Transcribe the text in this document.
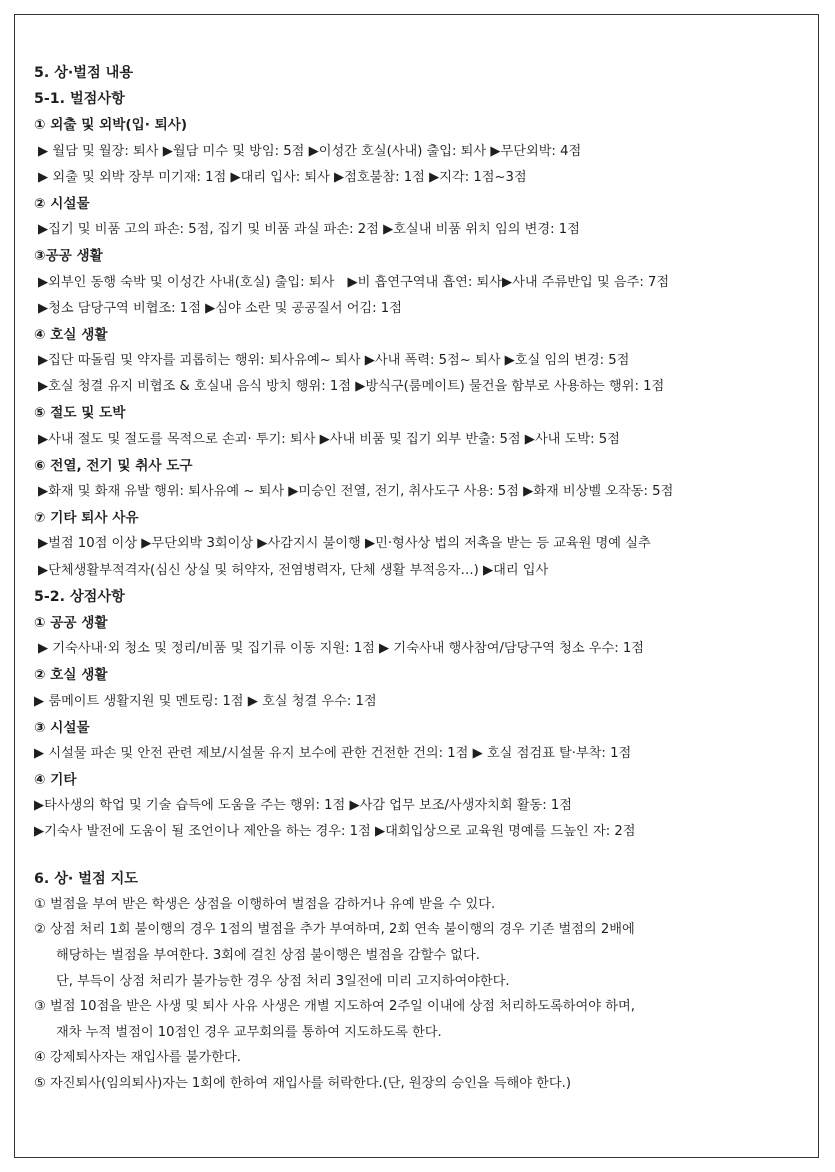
5. 상·벌점 내용
5-1. 벌점사항
① 외출 및 외박(입· 퇴사)
▶ 월담 및 월장: 퇴사 ▶월담 미수 및 방임: 5점 ▶이성간 호실(사내) 출입: 퇴사 ▶무단외박: 4점
▶ 외출 및 외박 장부 미기재: 1점 ▶대리 입사: 퇴사 ▶점호불참: 1점 ▶지각: 1점~3점
② 시설물
▶집기 및 비품 고의 파손: 5점, 집기 및 비품 과실 파손: 2점 ▶호실내 비품 위치 임의 변경: 1점
③공공 생활
▶외부인 동행 숙박 및 이성간 사내(호실) 출입: 퇴사　▶비 흡연구역내 흡연: 퇴사▶사내 주류반입 및 음주: 7점
▶청소 담당구역 비협조: 1점 ▶심야 소란 및 공공질서 어김: 1점
④ 호실 생활
▶집단 따돌림 및 약자를 괴롭히는 행위: 퇴사유예~ 퇴사 ▶사내 폭력: 5점~ 퇴사 ▶호실 임의 변경: 5점
▶호실 청결 유지 비협조 & 호실내 음식 방치 행위: 1점 ▶방식구(룸메이트) 물건을 함부로 사용하는 행위: 1점
⑤ 절도 및 도박
▶사내 절도 및 절도를 목적으로 손괴· 투기: 퇴사 ▶사내 비품 및 집기 외부 반출: 5점 ▶사내 도박: 5점
⑥ 전열, 전기 및 취사 도구
▶화재 및 화재 유발 행위: 퇴사유예 ~ 퇴사 ▶미승인 전열, 전기, 취사도구 사용: 5점 ▶화재 비상벨 오작동: 5점
⑦ 기타 퇴사 사유
▶벌점 10점 이상 ▶무단외박 3회이상 ▶사감지시 불이행 ▶민·형사상 법의 저촉을 받는 등 교육원 명예 실추
▶단체생활부적격자(심신 상실 및 허약자, 전염병력자, 단체 생활 부적응자…) ▶대리 입사
5-2. 상점사항
① 공공 생활
▶ 기숙사내·외 청소 및 정리/비품 및 집기류 이동 지원: 1점 ▶ 기숙사내 행사참여/담당구역 청소 우수: 1점
② 호실 생활
▶ 룸메이트 생활지원 및 멘토링: 1점 ▶ 호실 청결 우수: 1점
③ 시설물
▶ 시설물 파손 및 안전 관련 제보/시설물 유지 보수에 관한 건전한 건의: 1점 ▶ 호실 점검표 탈·부착: 1점
④ 기타
▶타사생의 학업 및 기술 습득에 도움을 주는 행위: 1점 ▶사감 업무 보조/사생자치회 활동: 1점
▶기숙사 발전에 도움이 될 조언이나 제안을 하는 경우: 1점 ▶대회입상으로 교육원 명예를 드높인 자: 2점
6. 상· 벌점 지도
① 벌점을 부여 받은 학생은 상점을 이행하여 벌점을 감하거나 유예 받을 수 있다.
② 상점 처리 1회 불이행의 경우 1점의 벌점을 추가 부여하며, 2회 연속 불이행의 경우 기존 벌점의 2배에
해당하는 벌점을 부여한다. 3회에 걸친 상점 불이행은 벌점을 감할수 없다.
단, 부득이 상점 처리가 불가능한 경우 상점 처리 3일전에 미리 고지하여야한다.
③ 벌점 10점을 받은 사생 및 퇴사 사유 사생은 개별 지도하여 2주일 이내에 상점 처리하도록하여야 하며,
재차 누적 벌점이 10점인 경우 교무회의를 통하여 지도하도록 한다.
④ 강제퇴사자는 재입사를 불가한다.
⑤ 자진퇴사(임의퇴사)자는 1회에 한하여 재입사를 허락한다.(단, 원장의 승인을 득해야 한다.)
